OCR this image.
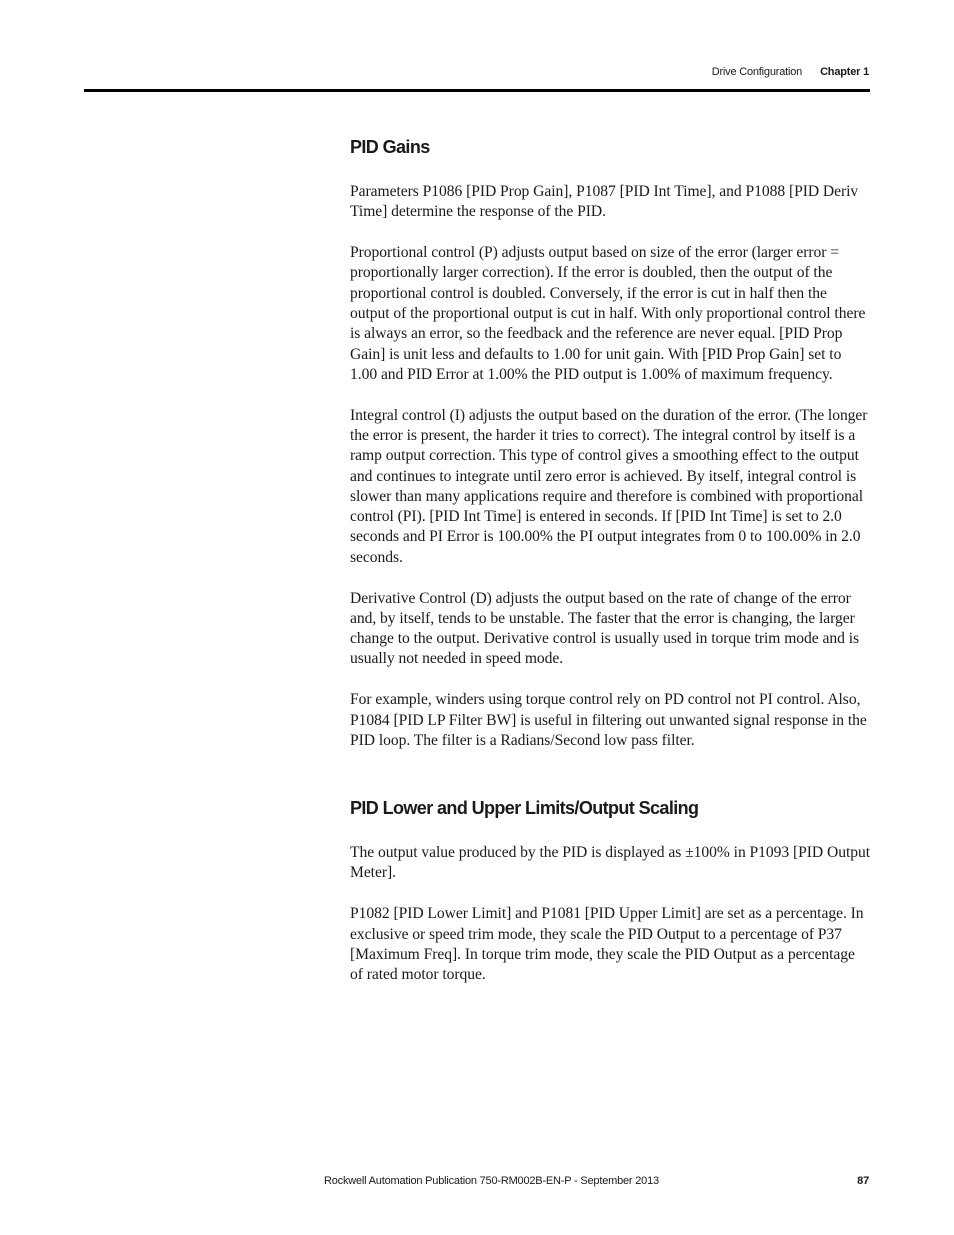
Drive Configuration Chapter 1
PID Gains

Parameters P1086 [PID Prop Gain], P1087 [PID Int Time], and P1088 [PID Deriv Time] determine the response of the PID.

Proportional control (P) adjusts output based on size of the error (larger error = proportionally larger correction). If the error is doubled, then the output of the proportional control is doubled. Conversely, if the error is cut in half then the output of the proportional output is cut in half. With only proportional control there is always an error, so the feedback and the reference are never equal. [PID Prop Gain] is unit less and defaults to 1.00 for unit gain. With [PID Prop Gain] set to 1.00 and PID Error at 1.00% the PID output is 1.00% of maximum frequency.

Integral control (I) adjusts the output based on the duration of the error. (The longer the error is present, the harder it tries to correct). The integral control by itself is a ramp output correction. This type of control gives a smoothing effect to the output and continues to integrate until zero error is achieved. By itself, integral control is slower than many applications require and therefore is combined with proportional control (PI). [PID Int Time] is entered in seconds. If [PID Int Time] is set to 2.0 seconds and PI Error is 100.00% the PI output integrates from 0 to 100.00% in 2.0 seconds.

Derivative Control (D) adjusts the output based on the rate of change of the error and, by itself, tends to be unstable. The faster that the error is changing, the larger change to the output. Derivative control is usually used in torque trim mode and is usually not needed in speed mode.

For example, winders using torque control rely on PD control not PI control. Also, P1084 [PID LP Filter BW] is useful in filtering out unwanted signal response in the PID loop. The filter is a Radians/Second low pass filter.

PID Lower and Upper Limits/Output Scaling

The output value produced by the PID is displayed as ±100% in P1093 [PID Output Meter].

P1082 [PID Lower Limit] and P1081 [PID Upper Limit] are set as a percentage. In exclusive or speed trim mode, they scale the PID Output to a percentage of P37 [Maximum Freq]. In torque trim mode, they scale the PID Output as a percentage of rated motor torque.

Rockwell Automation Publication 750-RM002B-EN-P - September 2013	87
